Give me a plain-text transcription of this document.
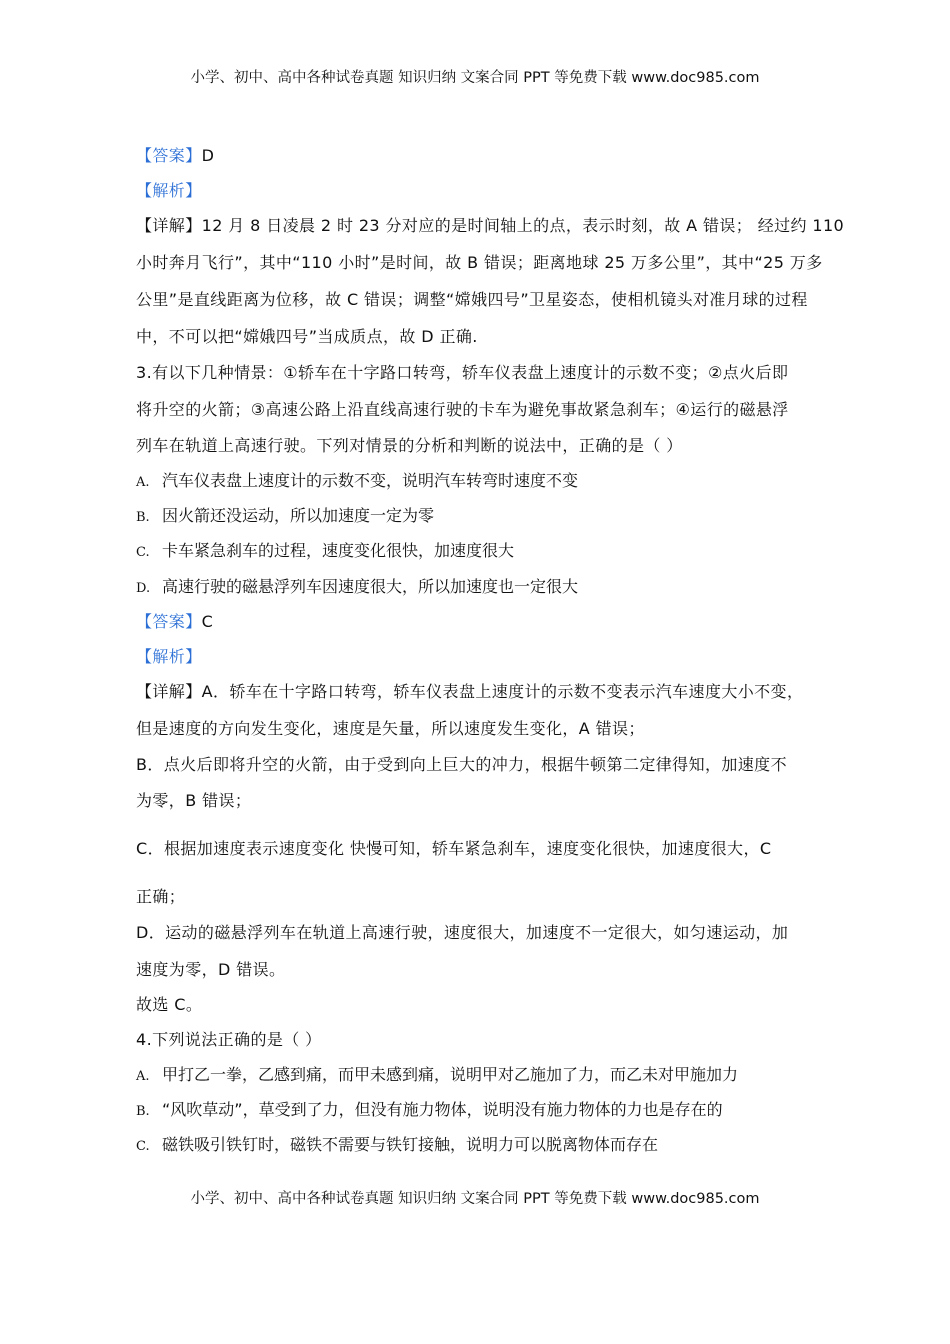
小学、初中、高中各种试卷真题 知识归纳 文案合同 PPT 等免费下载 www.doc985.com
【答案】D
【解析】
【详解】12 月 8 日凌晨 2 时 23 分对应的是时间轴上的点，表示时刻，故 A 错误； 经过约 110
小时奔月飞行”，其中“110 小时”是时间，故 B 错误；距离地球 25 万多公里”，其中“25 万多
公里”是直线距离为位移，故 C 错误；调整“嫦娥四号”卫星姿态，使相机镜头对准月球的过程
中，不可以把“嫦娥四号”当成质点，故 D 正确.
3.有以下几种情景：①轿车在十字路口转弯，轿车仪表盘上速度计的示数不变；②点火后即
将升空的火箭；③高速公路上沿直线高速行驶的卡车为避免事故紧急刹车；④运行的磁悬浮
列车在轨道上高速行驶。下列对情景的分析和判断的说法中，正确的是（ ）
A. 汽车仪表盘上速度计的示数不变，说明汽车转弯时速度不变
B. 因火箭还没运动，所以加速度一定为零
C. 卡车紧急刹车的过程，速度变化很快，加速度很大
D. 高速行驶的磁悬浮列车因速度很大，所以加速度也一定很大
【答案】C
【解析】
【详解】A．轿车在十字路口转弯，轿车仪表盘上速度计的示数不变表示汽车速度大小不变，
但是速度的方向发生变化，速度是矢量，所以速度发生变化，A 错误；
B．点火后即将升空的火箭，由于受到向上巨大的冲力，根据牛顿第二定律得知，加速度不
为零，B 错误；
C．根据加速度表示速度变化 快慢可知，轿车紧急刹车，速度变化很快，加速度很大，C
正确；
D．运动的磁悬浮列车在轨道上高速行驶，速度很大，加速度不一定很大，如匀速运动，加
速度为零，D 错误。
故选 C。
4.下列说法正确的是（ ）
A. 甲打乙一拳，乙感到痛，而甲未感到痛，说明甲对乙施加了力，而乙未对甲施加力
B. “风吹草动”，草受到了力，但没有施力物体，说明没有施力物体的力也是存在的
C. 磁铁吸引铁钉时，磁铁不需要与铁钉接触，说明力可以脱离物体而存在
小学、初中、高中各种试卷真题 知识归纳 文案合同 PPT 等免费下载 www.doc985.com
